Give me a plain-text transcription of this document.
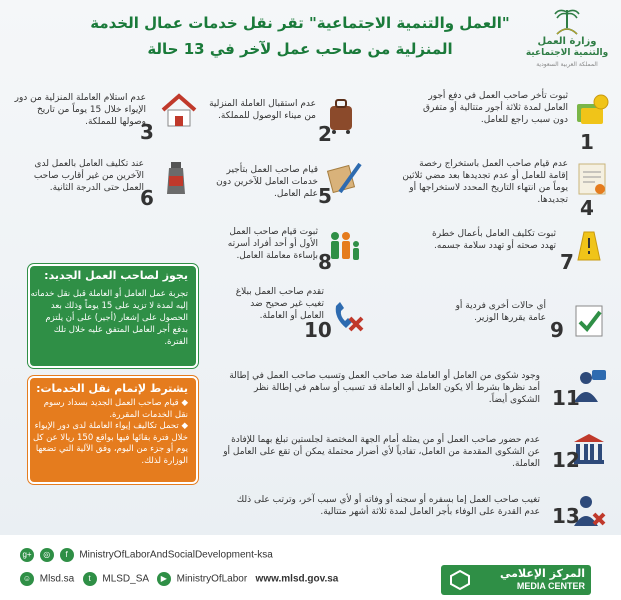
وزارة العمل
والتنمية الاجتماعية
المملكة العربية السعودية
"العمل والتنمية الاجتماعية" تقر نقل خدمات عمال الخدمة
المنزلية من صاحب عمل لآخر في 13 حالة
1
ثبوت تأخر صاحب العمل في دفع أجور العامل لمدة ثلاثة أجور متتالية أو متفرق دون سبب راجع للعامل.
2
عدم استقبال العاملة المنزلية من ميناء الوصول للمملكة.
3
عدم استلام العاملة المنزلية من دور الإيواء خلال 15 يوماً من تاريخ وصولها للمملكة.
4
عدم قيام صاحب العمل باستخراج رخصة إقامة للعامل أو عدم تجديدها بعد مضي ثلاثين يوماً من انتهاء التاريخ المحدد لاستخراجها أو تجديدها.
5
قيام صاحب العمل بتأجير خدمات العامل للآخرين دون علم العامل.
6
عند تكليف العامل بالعمل لدى الآخرين من غير أقارب صاحب العمل حتى الدرجة الثانية.
7
ثبوت تكليف العامل بأعمال خطرة تهدد صحته أو تهدد سلامة جسمه.
8
ثبوت قيام صاحب العمل الأول أو أحد أفراد أسرته بإساءة معاملة العامل.
يجوز لصاحب العمل الجديد:
تجربة عمل العامل أو العاملة قبل نقل خدماته إليه لمدة لا تزيد على 15 يوماً وذلك بعد الحصول على إشعار (أجير) على أن يلتزم بدفع أجر العامل المتفق عليه خلال تلك الفترة.	9
أي حالات أخرى فردية أو عامة يقررها الوزير.
10
تقدم صاحب العمل ببلاغ تغيب غير صحيح ضد العامل أو العاملة.
يشترط لإتمام نقل الخدمات:
◆ قيام صاحب العمل الجديد بسداد رسوم نقل الخدمات المقررة.
◆ تحمل تكاليف إيواء العاملة لدى دور الإيواء خلال فترة بقائها فيها بواقع 150 ريالا عن كل يوم أو جزء من اليوم، وفق الآلية التي تضعها الوزارة لذلك.
11
وجود شكوى من العامل أو العاملة ضد صاحب العمل وتسبب صاحب العمل في إطالة أمد نظرها بشرط ألا يكون العامل أو العاملة قد تسبب أو ساهم في إطالة نظر الشكوى أيضاً.
12
عدم حضور صاحب العمل أو من يمثله أمام الجهة المختصة لجلستين تبلغ بهما للإفادة عن الشكوى المقدمة من العامل، تفادياً لأي أضرار محتملة يمكن أن تقع على العامل أو العاملة.
13
تغيب صاحب العمل إما بسفره أو سجنه أو وفاته أو لأي سبب آخر، وترتب على ذلك عدم القدرة على الوفاء بأجر العامل لمدة ثلاثة أشهر متتالية.
g+ ◎ f MinistryOfLaborAndSocialDevelopment-ksa
☺ Mlsd.sa t MLSD_SA ▶ MinistryOfLabor www.mlsd.gov.sa	المركز الإعلامي
MEDIA CENTER
